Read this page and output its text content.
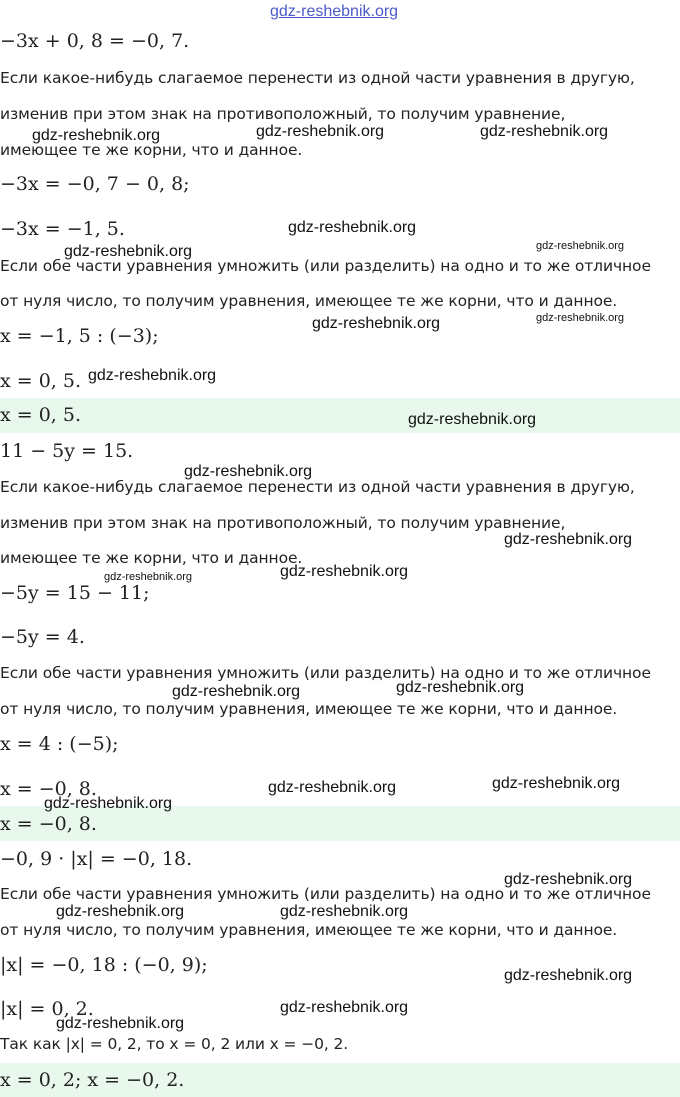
−3x + 0, 8 = −0, 7.
Если какое-нибудь слагаемое перенести из одной части уравнения в другую,
изменив при этом знак на противоположный, то получим уравнение,
имеющее те же корни, что и данное.
−3x = −0, 7 − 0, 8;
−3x = −1, 5.
Если обе части уравнения умножить (или разделить) на одно и то же отличное
от нуля число, то получим уравнения, имеющее те же корни, что и данное.
x = −1, 5 : (−3);
x = 0, 5.
x = 0, 5.
11 − 5y = 15.
Если какое-нибудь слагаемое перенести из одной части уравнения в другую,
изменив при этом знак на противоположный, то получим уравнение,
имеющее те же корни, что и данное.
−5y = 15 − 11;
−5y = 4.
Если обе части уравнения умножить (или разделить) на одно и то же отличное
от нуля число, то получим уравнения, имеющее те же корни, что и данное.
x = 4 : (−5);
x = −0, 8.
x = −0, 8.
−0, 9 · |x| = −0, 18.
Если обе части уравнения умножить (или разделить) на одно и то же отличное
от нуля число, то получим уравнения, имеющее те же корни, что и данное.
|x| = −0, 18 : (−0, 9);
|x| = 0, 2.
Так как |x| = 0, 2, то x = 0, 2 или x = −0, 2.
x = 0, 2; x = −0, 2.
gdz-reshebnik.org
gdz-reshebnik.org	gdz-reshebnik.org	gdz-reshebnik.org
gdz-reshebnik.org
gdz-reshebnik.org	gdz-reshebnik.org
gdz-reshebnik.org	gdz-reshebnik.org
gdz-reshebnik.org
gdz-reshebnik.org
gdz-reshebnik.org
gdz-reshebnik.org
gdz-reshebnik.org
gdz-reshebnik.org
gdz-reshebnik.org	gdz-reshebnik.org
gdz-reshebnik.org	gdz-reshebnik.org
gdz-reshebnik.org
gdz-reshebnik.org
gdz-reshebnik.org	gdz-reshebnik.org
gdz-reshebnik.org
gdz-reshebnik.org
gdz-reshebnik.org
